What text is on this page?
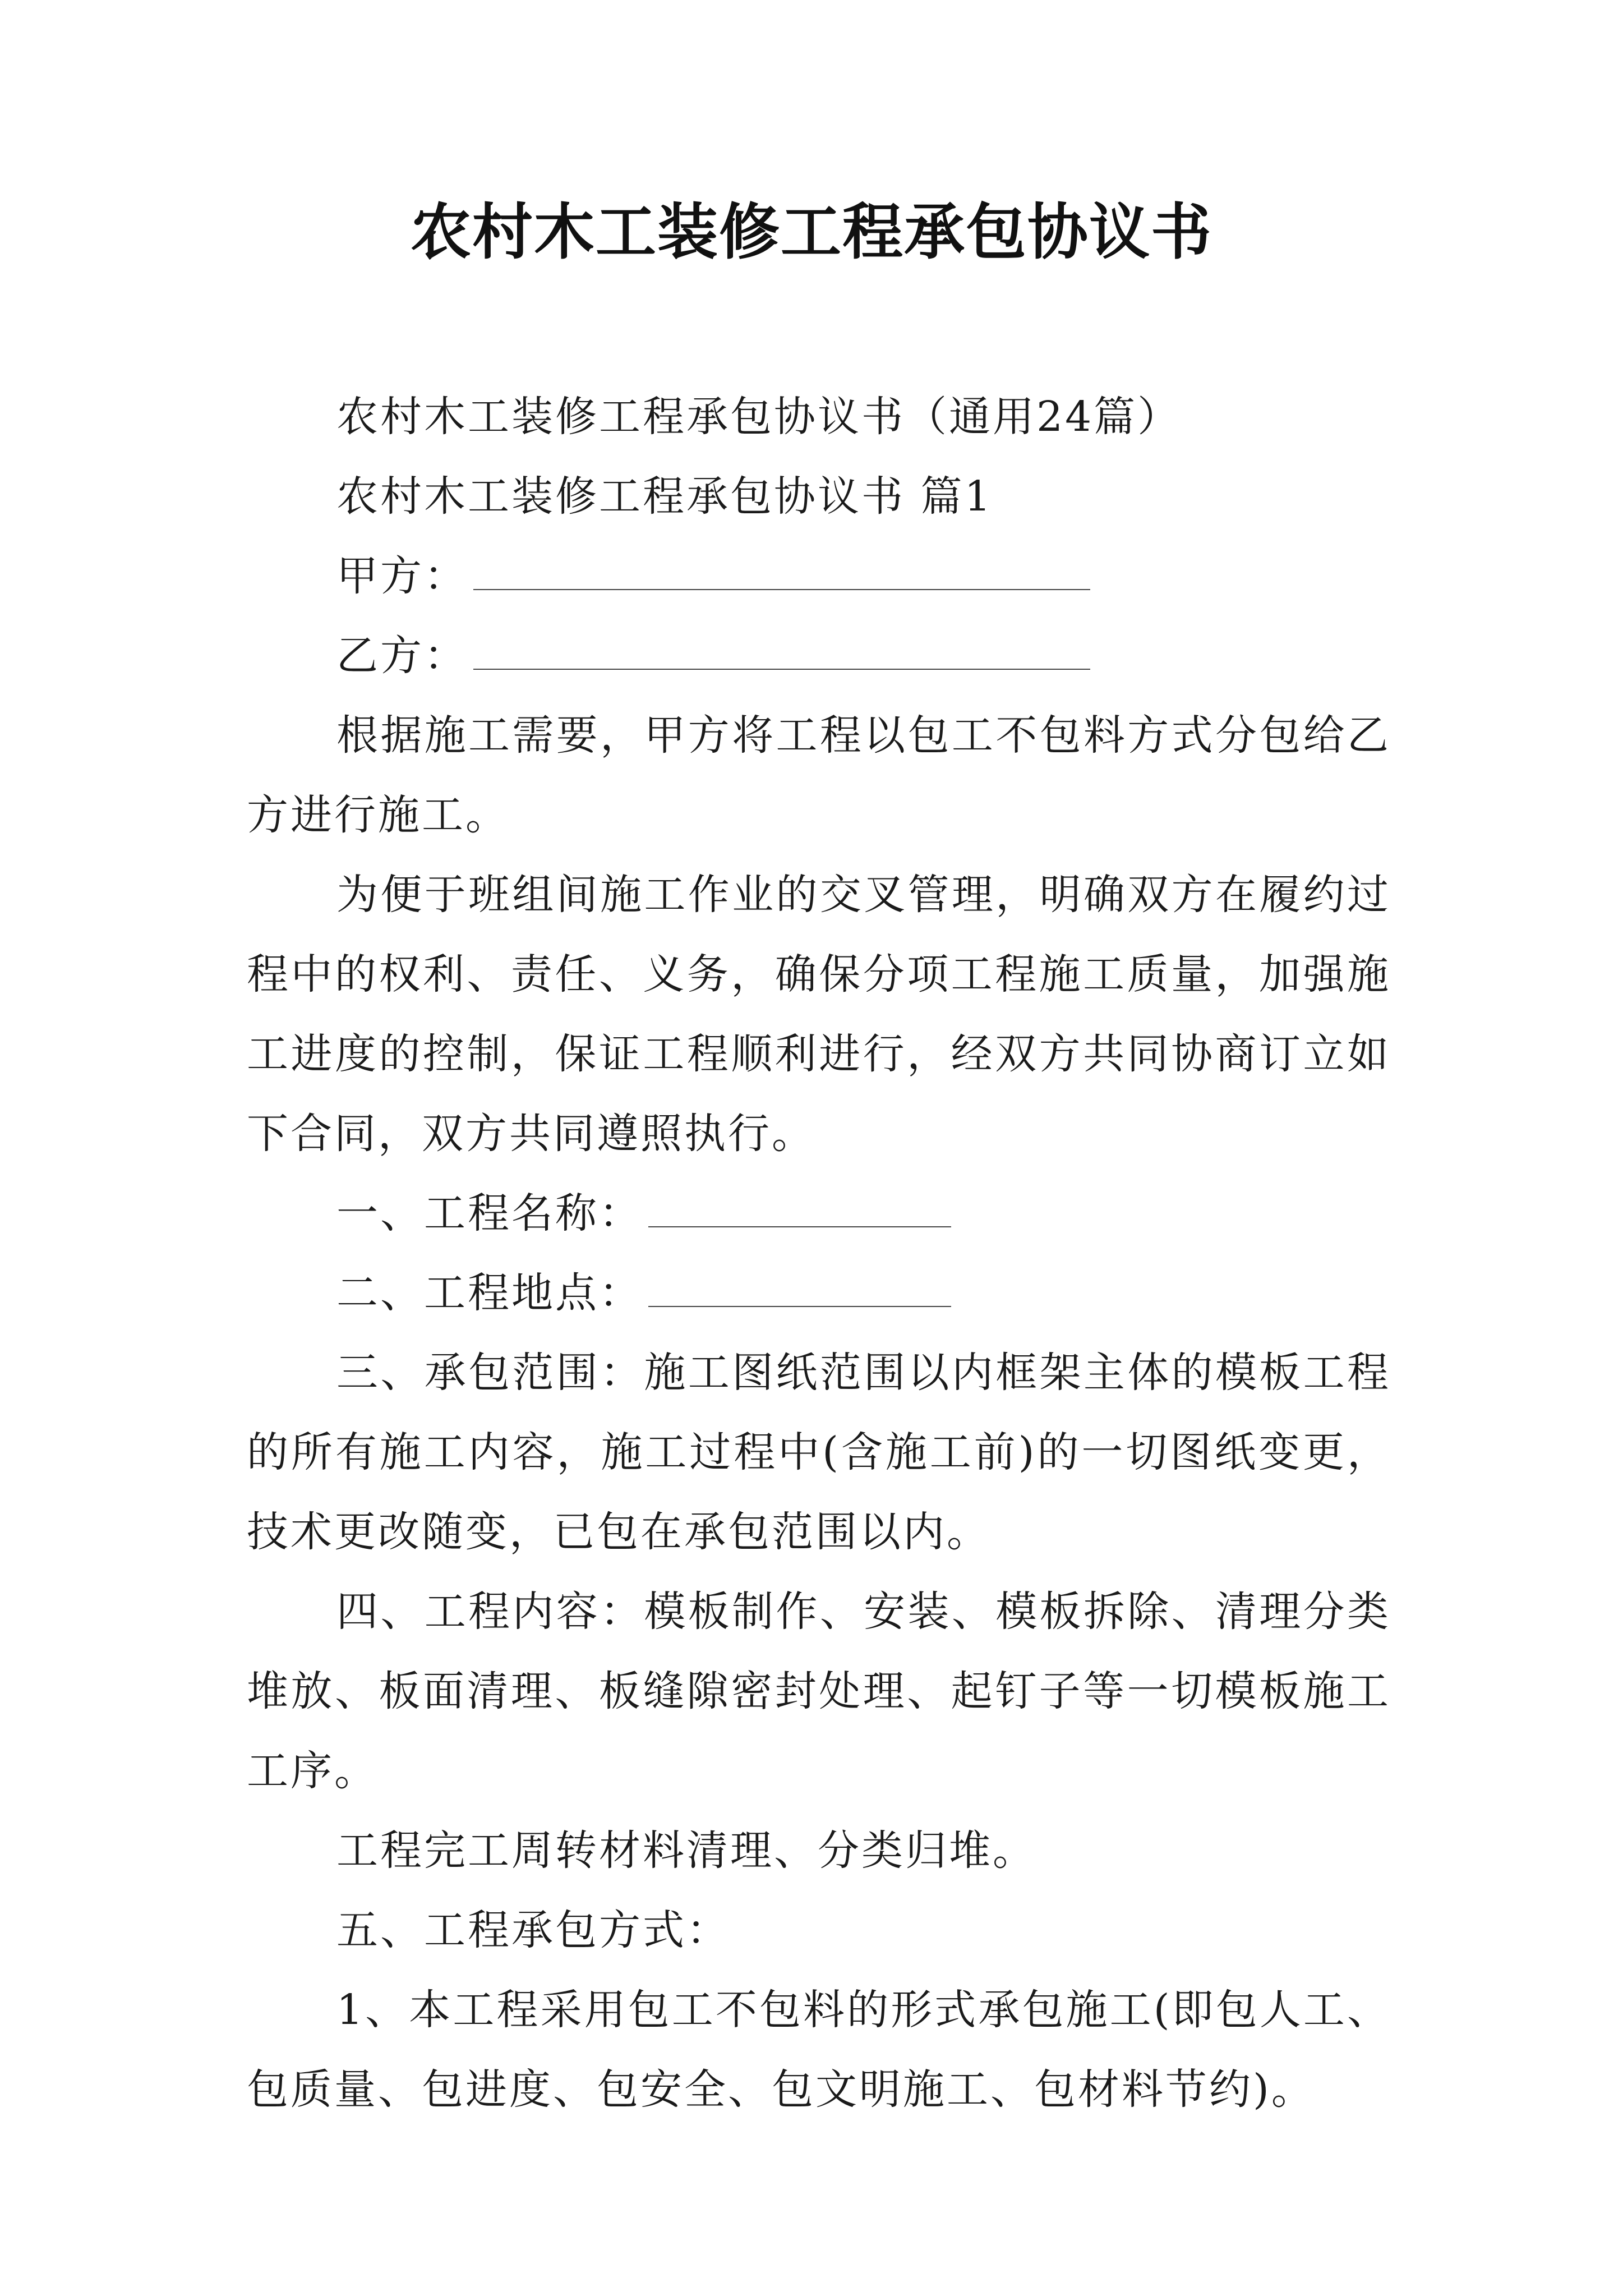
农村木工装修工程承包协议书

农村木工装修工程承包协议书（通用24篇）

农村木工装修工程承包协议书 篇1

甲方：

乙方：

根据施工需要，甲方将工程以包工不包料方式分包给乙方进行施工。

为便于班组间施工作业的交叉管理，明确双方在履约过程中的权利、责任、义务，确保分项工程施工质量，加强施工进度的控制，保证工程顺利进行，经双方共同协商订立如下合同，双方共同遵照执行。

一、工程名称：

二、工程地点：

三、承包范围：施工图纸范围以内框架主体的模板工程的所有施工内容，施工过程中(含施工前)的一切图纸变更，技术更改随变，已包在承包范围以内。

四、工程内容：模板制作、安装、模板拆除、清理分类堆放、板面清理、板缝隙密封处理、起钉子等一切模板施工工序。

工程完工周转材料清理、分类归堆。

五、工程承包方式：

1、本工程采用包工不包料的形式承包施工(即包人工、包质量、包进度、包安全、包文明施工、包材料节约)。
